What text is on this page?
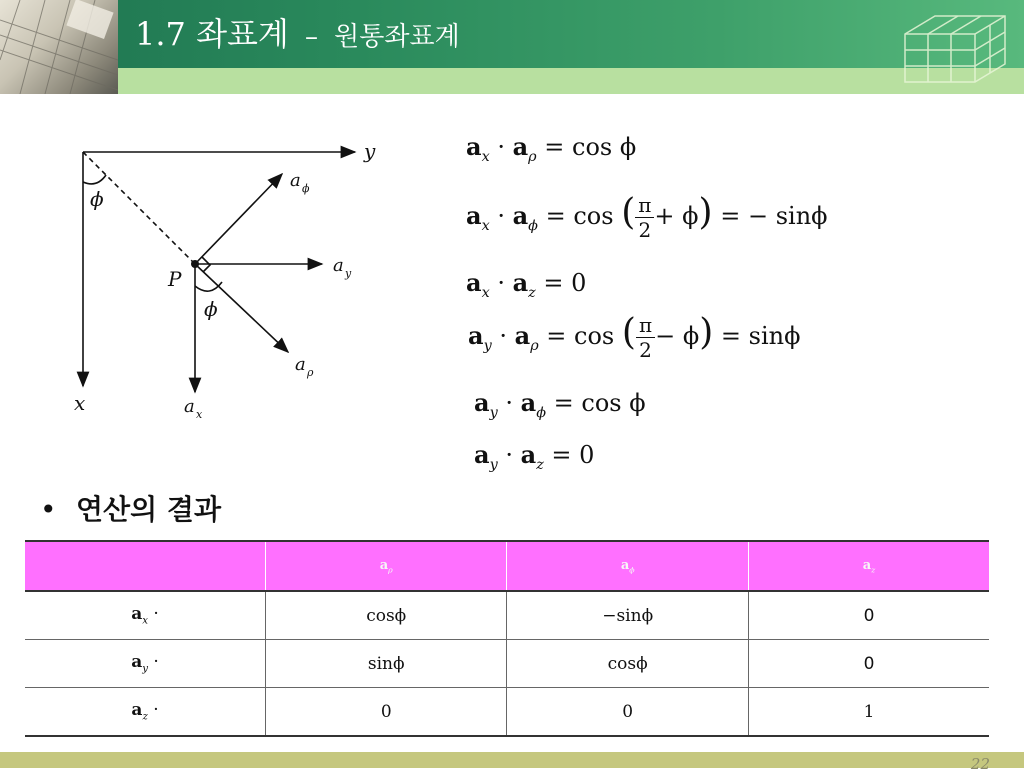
1.7 좌표계 – 원통좌표계
y
x
a ϕ
a y
a ρ
a x
P
ϕ
ϕ
$a_x \cdot a_\rho = \cos \phi$
$a_x \cdot a_\phi = \cos$ ( $\frac{\pi}{2} + \phi$) = − sinϕ
$a_x \cdot a_z = 0$
$a_y \cdot a_\rho = \cos$ ( $\frac{\pi}{2} - \phi) = \sin\phi$
$a_y \cdot a_\phi = \cos \phi$
$a_y \cdot a_z = 0$
• 연산의 결과
	$a_\rho$	$a_\phi$	$a_z$
$a_x$ ·	cosϕ	−sinϕ	0
$a_y$ ·	sinϕ	cosϕ	0
$a_z$ ·	0	0	1
22
